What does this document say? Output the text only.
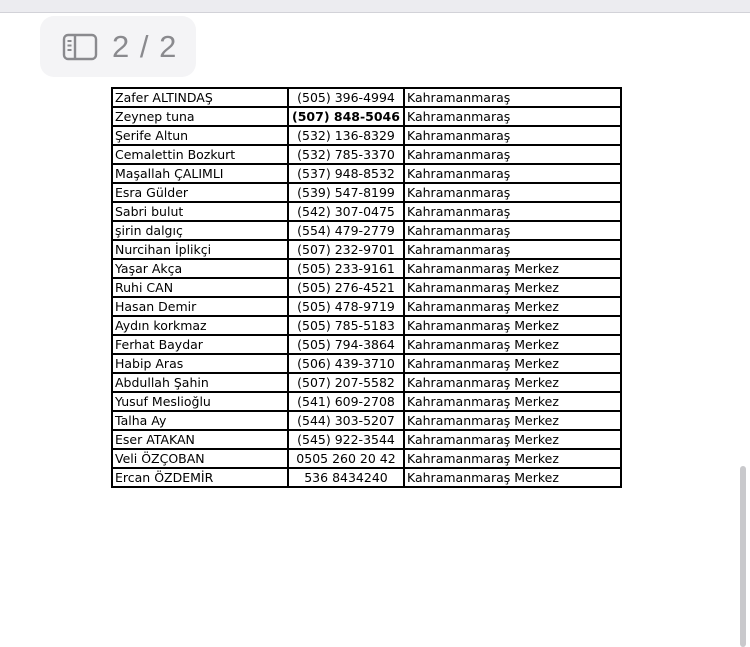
2 / 2
Zafer ALTINDAŞ	(505) 396-4994	Kahramanmaraş
Zeynep tuna	(507) 848-5046	Kahramanmaraş
Şerife Altun	(532) 136-8329	Kahramanmaraş
Cemalettin Bozkurt	(532) 785-3370	Kahramanmaraş
Maşallah ÇALIMLI	(537) 948-8532	Kahramanmaraş
Esra Gülder	(539) 547-8199	Kahramanmaraş
Sabri bulut	(542) 307-0475	Kahramanmaraş
şirin dalgıç	(554) 479-2779	Kahramanmaraş
Nurcihan İplikçi	(507) 232-9701	Kahramanmaraş
Yaşar Akça	(505) 233-9161	Kahramanmaraş Merkez
Ruhi CAN	(505) 276-4521	Kahramanmaraş Merkez
Hasan Demir	(505) 478-9719	Kahramanmaraş Merkez
Aydın korkmaz	(505) 785-5183	Kahramanmaraş Merkez
Ferhat Baydar	(505) 794-3864	Kahramanmaraş Merkez
Habip Aras	(506) 439-3710	Kahramanmaraş Merkez
Abdullah Şahin	(507) 207-5582	Kahramanmaraş Merkez
Yusuf Meslioğlu	(541) 609-2708	Kahramanmaraş Merkez
Talha Ay	(544) 303-5207	Kahramanmaraş Merkez
Eser ATAKAN	(545) 922-3544	Kahramanmaraş Merkez
Veli ÖZÇOBAN	0505 260 20 42	Kahramanmaraş Merkez
Ercan ÖZDEMİR	536 8434240	Kahramanmaraş Merkez
